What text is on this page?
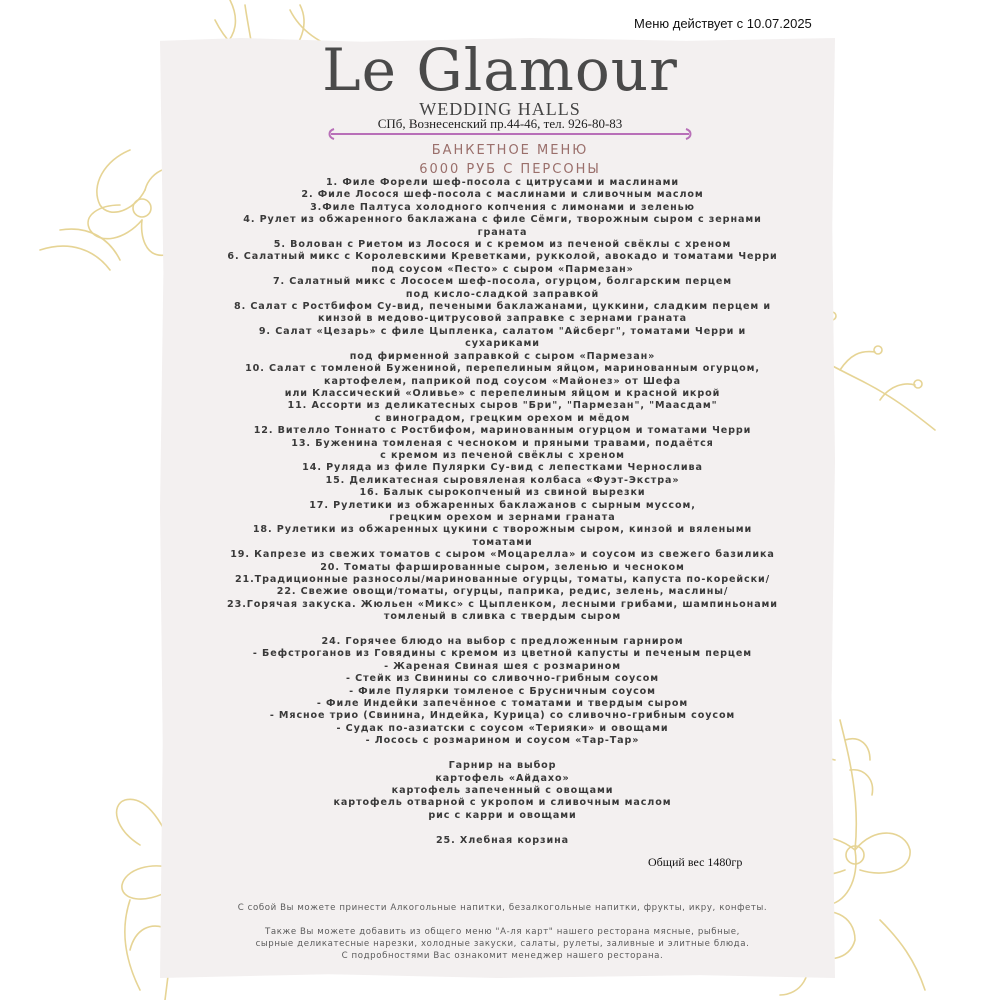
Меню действует с 10.07.2025
Le Glamour
WEDDING HALLS
СПб, Вознесенский пр.44-46, тел. 926-80-83
БАНКЕТНОЕ МЕНЮ
6000 РУБ С ПЕРСОНЫ
1. Филе Форели шеф-посола с цитрусами и маслинами
2. Филе Лосося шеф-посола с маслинами и сливочным маслом
3.Филе Палтуса холодного копчения с лимонами и зеленью
4. Рулет из обжаренного баклажана с филе Сёмги, творожным сыром с зернами
граната
5. Волован с Риетом из Лосося и с кремом из печеной свёклы с хреном
6. Салатный микс с Королевскими Креветками, рукколой, авокадо и томатами Черри
под соусом «Песто» с сыром «Пармезан»
7. Салатный микс с Лососем шеф-посола, огурцом, болгарским перцем
под кисло-сладкой заправкой
8. Салат с Ростбифом Су-вид, печеными баклажанами, цуккини, сладким перцем и
кинзой в медово-цитрусовой заправке с зернами граната
9. Салат «Цезарь» с филе Цыпленка, салатом "Айсберг", томатами Черри и
сухариками
под фирменной заправкой с сыром «Пармезан»
10. Салат с томленой Бужениной, перепелиным яйцом, маринованным огурцом,
картофелем, паприкой под соусом «Майонез» от Шефа
или Классический «Оливье» с перепелиным яйцом и красной икрой
11. Ассорти из деликатесных сыров "Бри", "Пармезан", "Маасдам"
с виноградом, грецким орехом и мёдом
12. Вителло Тоннато с Ростбифом, маринованным огурцом и томатами Черри
13. Буженина томленая с чесноком и пряными травами, подаётся
с кремом из печеной свёклы с хреном
14. Руляда из филе Пулярки Су-вид с лепестками Чернослива
15. Деликатесная сыровяленая колбаса «Фуэт-Экстра»
16. Балык сырокопченый из свиной вырезки
17. Рулетики из обжаренных баклажанов с сырным муссом,
грецким орехом и зернами граната
18. Рулетики из обжаренных цукини с творожным сыром, кинзой и вялеными
томатами
19. Капрезе из свежих томатов с сыром «Моцарелла» и соусом из свежего базилика
20. Томаты фаршированные сыром, зеленью и чесноком
21.Традиционные разносолы/маринованные огурцы, томаты, капуста по-корейски/
22. Свежие овощи/томаты, огурцы, паприка, редис, зелень, маслины/
23.Горячая закуска. Жюльен «Микс» с Цыпленком, лесными грибами, шампиньонами
томленый в сливка с твердым сыром

24. Горячее блюдо на выбор с предложенным гарниром
- Бефстроганов из Говядины с кремом из цветной капусты и печеным перцем
- Жареная Свиная шея с розмарином
- Стейк из Свинины со сливочно-грибным соусом
- Филе Пулярки томленое с Брусничным соусом
- Филе Индейки запечённое с томатами и твердым сыром
- Мясное трио (Свинина, Индейка, Курица) со сливочно-грибным соусом
- Судак по-азиатски с соусом «Терияки» и овощами
- Лосось с розмарином и соусом «Тар-Тар»

Гарнир на выбор
картофель «Айдахо»
картофель запеченный с овощами
картофель отварной с укропом и сливочным маслом
рис с карри и овощами

25. Хлебная корзина
Общий вес 1480гр
С собой Вы можете принести Алкогольные напитки, безалкогольные напитки, фрукты, икру, конфеты.
Также Вы можете добавить из общего меню "А-ля карт" нашего ресторана мясные, рыбные,
сырные деликатесные нарезки, холодные закуски, салаты, рулеты, заливные и элитные блюда.
С подробностями Вас ознакомит менеджер нашего ресторана.
